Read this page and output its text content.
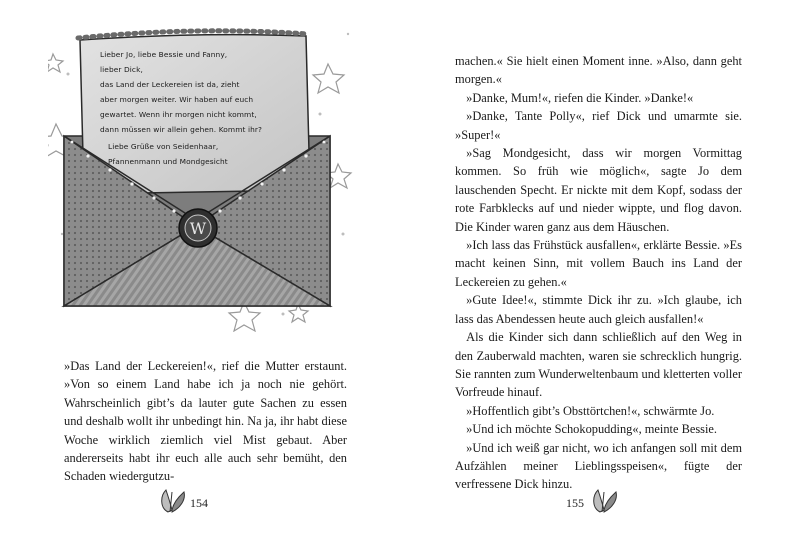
W
Lieber Jo, liebe Bessie und Fanny,
lieber Dick,
das Land der Leckereien ist da, zieht
aber morgen weiter. Wir haben auf euch
gewartet. Wenn ihr morgen nicht kommt,
dann müssen wir allein gehen. Kommt ihr?
Liebe Grüße von Seidenhaar,
Pfannenmann und Mondgesicht

»Das Land der Leckereien!«, rief die Mutter erstaunt. »Von so einem Land habe ich ja noch nie gehört. Wahrscheinlich gibt’s da lauter gute Sachen zu essen und deshalb wollt ihr unbedingt hin. Na ja, ihr habt diese Woche wirklich ziemlich viel Mist gebaut. Aber andererseits habt ihr euch alle auch sehr bemüht, den Schaden wiedergutzu-

154

machen.« Sie hielt einen Moment inne. »Also, dann geht morgen.«

»Danke, Mum!«, riefen die Kinder. »Danke!«

»Danke, Tante Polly«, rief Dick und umarmte sie. »Super!«

»Sag Mondgesicht, dass wir morgen Vormittag kommen. So früh wie möglich«, sagte Jo dem lauschenden Specht. Er nickte mit dem Kopf, sodass der rote Farbklecks auf und nieder wippte, und flog davon. Die Kinder waren ganz aus dem Häuschen.

»Ich lass das Frühstück ausfallen«, erklärte Bessie. »Es macht keinen Sinn, mit vollem Bauch ins Land der Leckereien zu gehen.«

»Gute Idee!«, stimmte Dick ihr zu. »Ich glaube, ich lass das Abendessen heute auch gleich ausfallen!«

Als die Kinder sich dann schließlich auf den Weg in den Zauberwald machten, waren sie schrecklich hungrig. Sie rannten zum Wunderweltenbaum und kletterten voller Vorfreude hinauf.

»Hoffentlich gibt’s Obsttörtchen!«, schwärmte Jo.

»Und ich möchte Schokopudding«, meinte Bessie.

»Und ich weiß gar nicht, wo ich anfangen soll mit dem Aufzählen meiner Lieblingsspeisen«, fügte der verfressene Dick hinzu.

155
